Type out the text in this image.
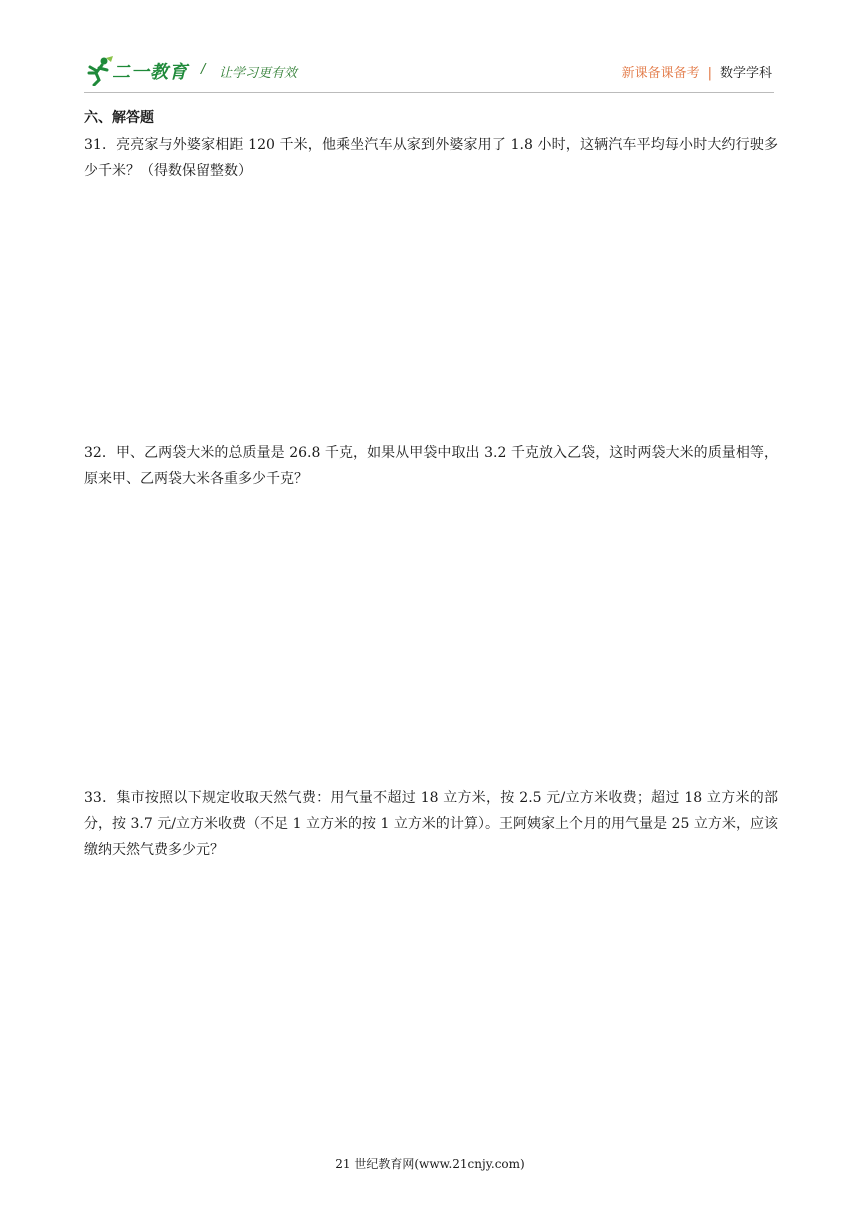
二一教育 / 让学习更有效	新课备课备考 | 数学学科
六、解答题
31．亮亮家与外婆家相距 120 千米，他乘坐汽车从家到外婆家用了 1.8 小时，这辆汽车平均每小时大约行驶多少千米？（得数保留整数）
32．甲、乙两袋大米的总质量是 26.8 千克，如果从甲袋中取出 3.2 千克放入乙袋，这时两袋大米的质量相等，原来甲、乙两袋大米各重多少千克？
33．集市按照以下规定收取天然气费：用气量不超过 18 立方米，按 2.5 元/立方米收费；超过 18 立方米的部分，按 3.7 元/立方米收费（不足 1 立方米的按 1 立方米的计算）。王阿姨家上个月的用气量是 25 立方米，应该缴纳天然气费多少元？
21 世纪教育网(www.21cnjy.com)
